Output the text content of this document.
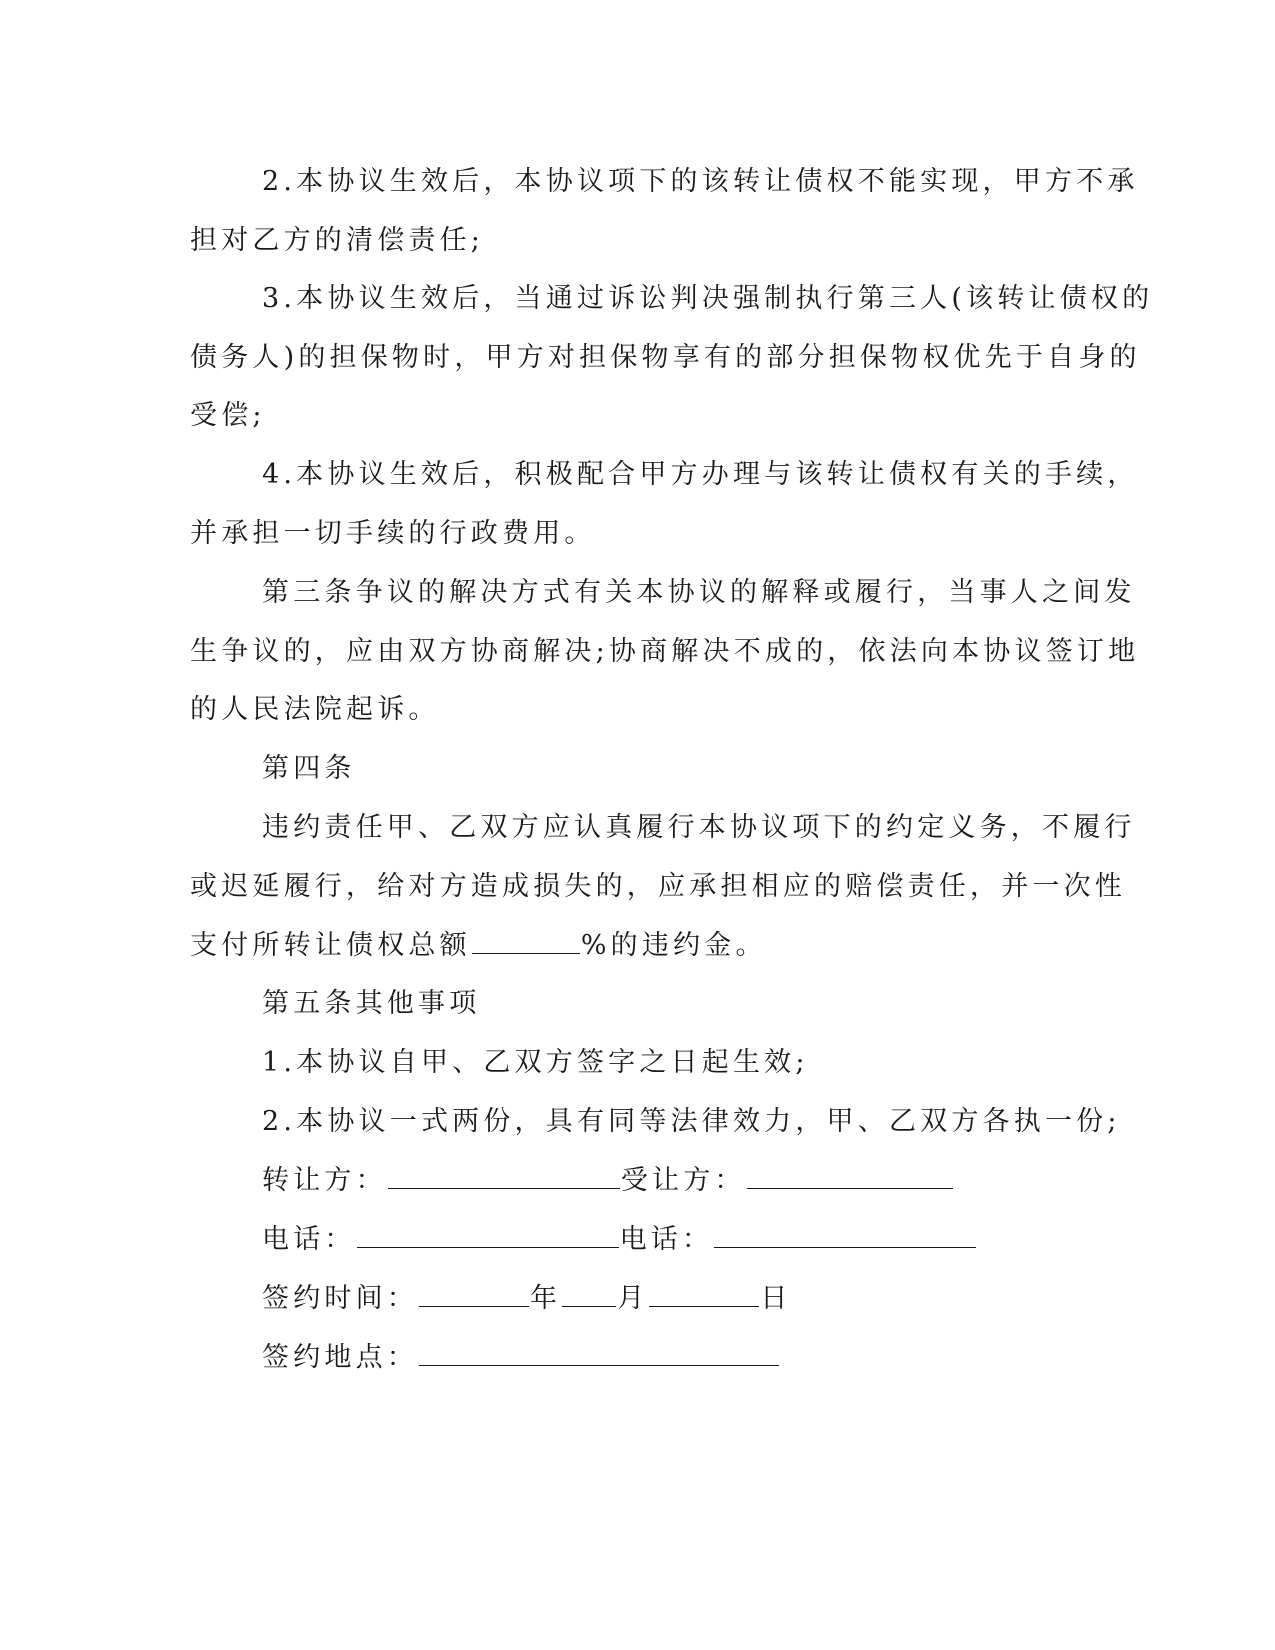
2.本协议生效后，本协议项下的该转让债权不能实现，甲方不承
担对乙方的清偿责任;
3.本协议生效后，当通过诉讼判决强制执行第三人(该转让债权的
债务人)的担保物时，甲方对担保物享有的部分担保物权优先于自身的
受偿;
4.本协议生效后，积极配合甲方办理与该转让债权有关的手续，
并承担一切手续的行政费用。
第三条争议的解决方式有关本协议的解释或履行，当事人之间发
生争议的，应由双方协商解决;协商解决不成的，依法向本协议签订地
的人民法院起诉。
第四条
违约责任甲、乙双方应认真履行本协议项下的约定义务，不履行
或迟延履行，给对方造成损失的，应承担相应的赔偿责任，并一次性
支付所转让债权总额	%的违约金。
第五条其他事项
1.本协议自甲、乙双方签字之日起生效;
2.本协议一式两份，具有同等法律效力，甲、乙双方各执一份;
转让方：	受让方：
电话：	电话：
签约时间：	年 月	日
签约地点：
